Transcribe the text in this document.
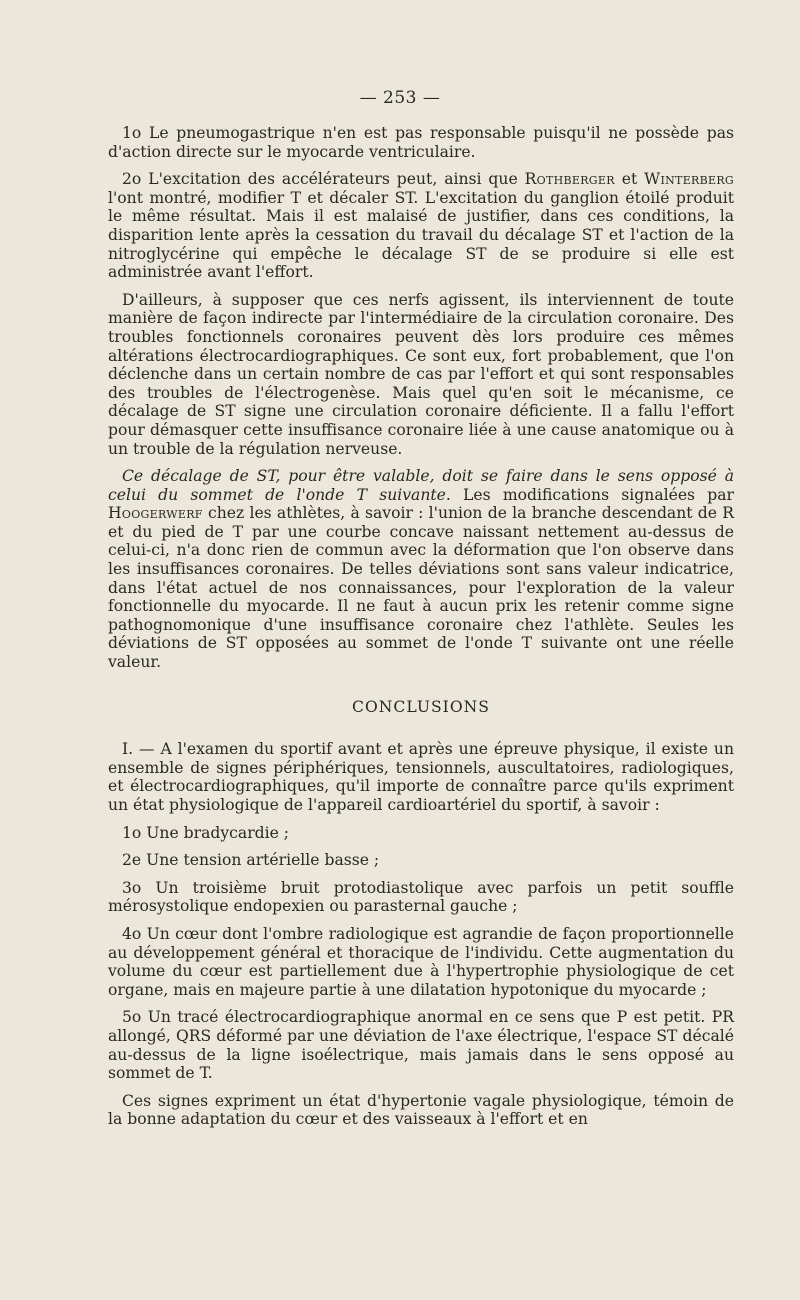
— 253 —

1o Le pneumogastrique n'en est pas responsable puisqu'il ne possède pas d'action directe sur le myocarde ventriculaire.

2o L'excitation des accélérateurs peut, ainsi que Rothberger et Winterberg l'ont montré, modifier T et décaler ST. L'excitation du ganglion étoilé produit le même résultat. Mais il est malaisé de justifier, dans ces conditions, la disparition lente après la cessation du travail du décalage ST et l'action de la nitroglycérine qui empêche le décalage ST de se produire si elle est administrée avant l'effort.

D'ailleurs, à supposer que ces nerfs agissent, ils interviennent de toute manière de façon indirecte par l'intermédiaire de la circulation coronaire. Des troubles fonctionnels coronaires peuvent dès lors produire ces mêmes altérations électrocardiographiques. Ce sont eux, fort probablement, que l'on déclenche dans un certain nombre de cas par l'effort et qui sont responsables des troubles de l'électrogenèse. Mais quel qu'en soit le mécanisme, ce décalage de ST signe une circulation coronaire déficiente. Il a fallu l'effort pour démasquer cette insuffisance coronaire liée à une cause anatomique ou à un trouble de la régulation nerveuse.

Ce décalage de ST, pour être valable, doit se faire dans le sens opposé à celui du sommet de l'onde T suivante. Les modifications signalées par Hoogerwerf chez les athlètes, à savoir : l'union de la branche descendant de R et du pied de T par une courbe concave naissant nettement au-dessus de celui-ci, n'a donc rien de commun avec la déformation que l'on observe dans les insuffisances coronaires. De telles déviations sont sans valeur indicatrice, dans l'état actuel de nos connaissances, pour l'exploration de la valeur fonctionnelle du myocarde. Il ne faut à aucun prix les retenir comme signe pathognomonique d'une insuffisance coronaire chez l'athlète. Seules les déviations de ST opposées au sommet de l'onde T suivante ont une réelle valeur.

CONCLUSIONS

I. — A l'examen du sportif avant et après une épreuve physique, il existe un ensemble de signes périphériques, tensionnels, auscultatoires, radiologiques, et électrocardiographiques, qu'il importe de connaître parce qu'ils expriment un état physiologique de l'appareil cardioartériel du sportif, à savoir :

1o Une bradycardie ;

2e Une tension artérielle basse ;

3o Un troisième bruit protodiastolique avec parfois un petit souffle mérosystolique endopexien ou parasternal gauche ;

4o Un cœur dont l'ombre radiologique est agrandie de façon proportionnelle au développement général et thoracique de l'individu. Cette augmentation du volume du cœur est partiellement due à l'hypertrophie physiologique de cet organe, mais en majeure partie à une dilatation hypotonique du myocarde ;

5o Un tracé électrocardiographique anormal en ce sens que P est petit. PR allongé, QRS déformé par une déviation de l'axe électrique, l'espace ST décalé au-dessus de la ligne isoélectrique, mais jamais dans le sens opposé au sommet de T.

Ces signes expriment un état d'hypertonie vagale physiologique, témoin de la bonne adaptation du cœur et des vaisseaux à l'effort et en
